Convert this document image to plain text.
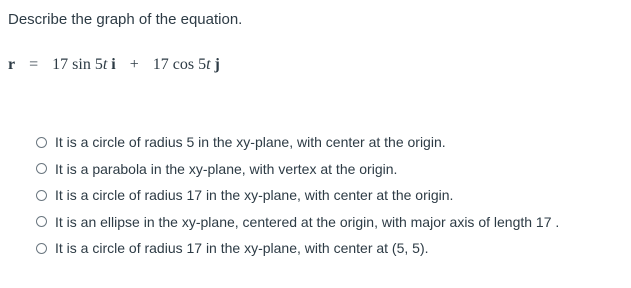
Describe the graph of the equation.
r = 17 sin 5t i + 17 cos 5t j
It is a circle of radius 5 in the xy-plane, with center at the origin.
It is a parabola in the xy-plane, with vertex at the origin.
It is a circle of radius 17 in the xy-plane, with center at the origin.
It is an ellipse in the xy-plane, centered at the origin, with major axis of length 17 .
It is a circle of radius 17 in the xy-plane, with center at (5, 5).
